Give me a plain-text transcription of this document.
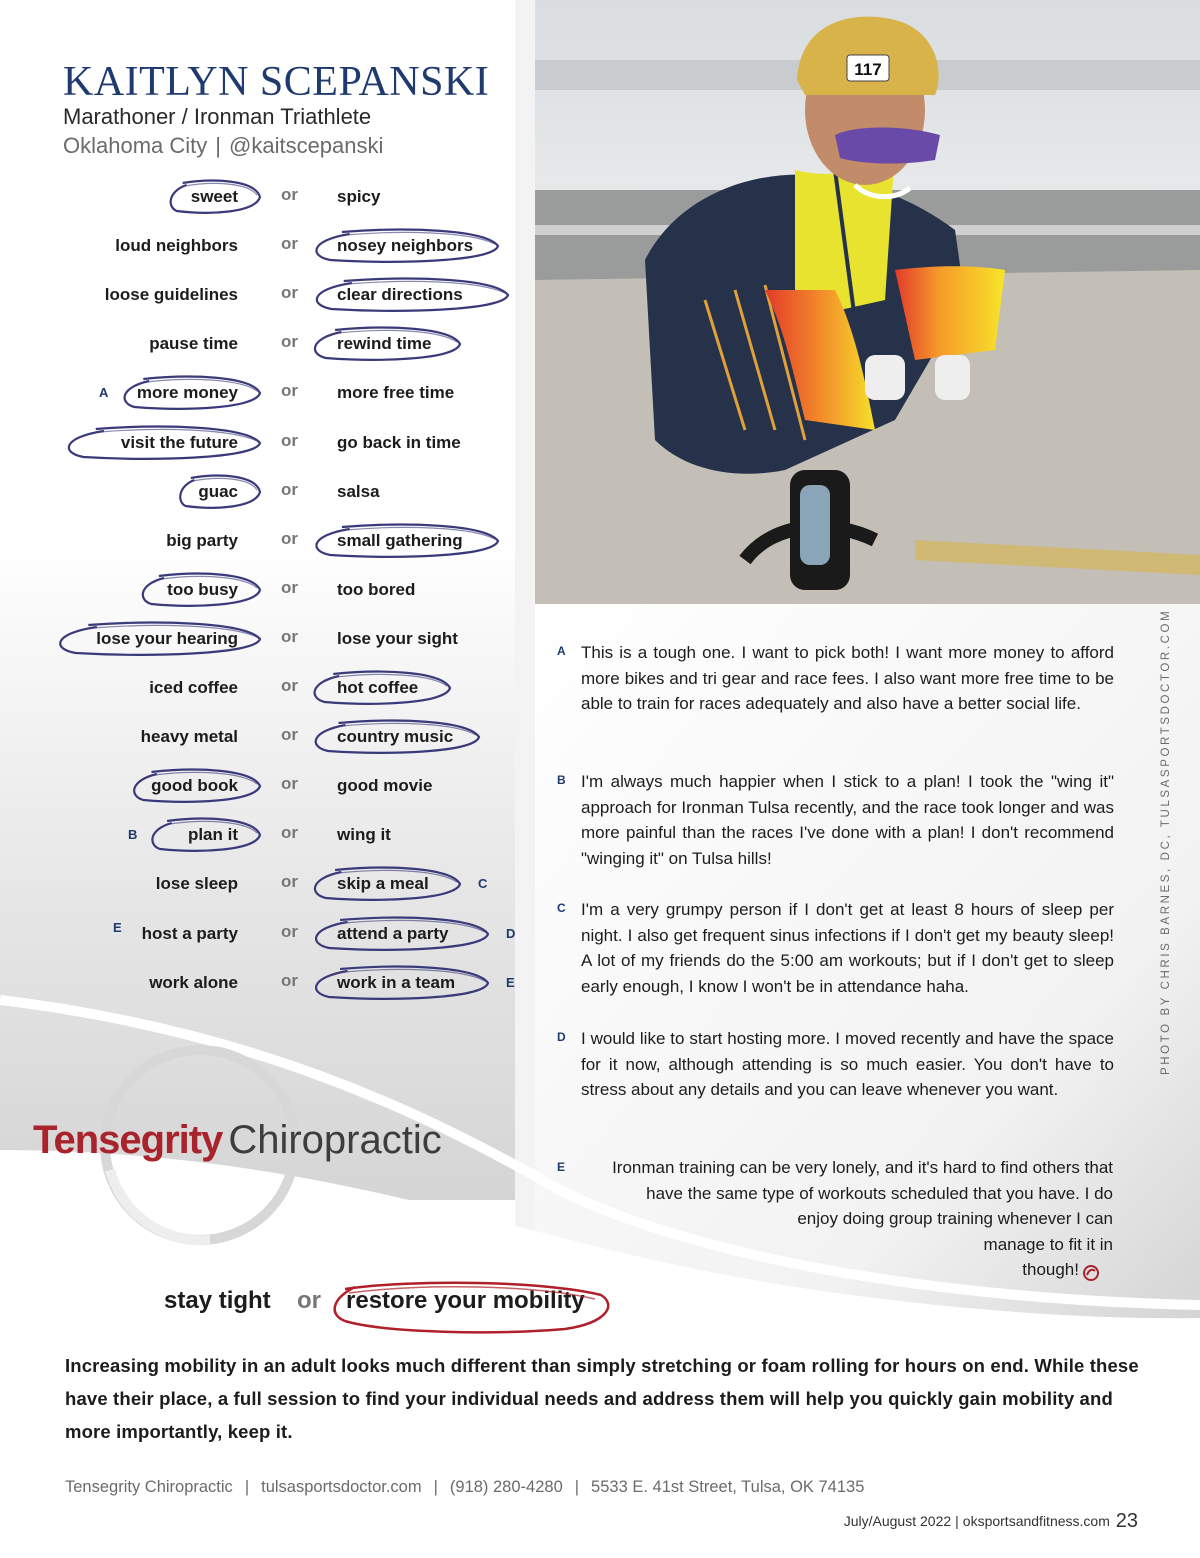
KAITLYN SCEPANSKI
Marathoner / Ironman Triathlete
Oklahoma City | @kaitscepanski
sweet	or spicy
loud neighbors	or nosey neighbors
loose guidelines	or clear directions
pause time	or rewind time
more money	or more free time
A
visit the future	or go back in time
guac	or salsa
big party	or small gathering
too busy	or too bored
lose your hearing	or lose your sight
iced coffee	or hot coffee
heavy metal	or country music
good book	or good movie
plan it	or wing it
B
lose sleep	or skip a meal	C
host a party	or attend a party
E	D
work alone	or work in a team	E
117
PHOTO BY CHRIS BARNES, DC, TULSASPORTSDOCTOR.COM
A This is a tough one. I want to pick both! I want more money to afford more bikes and tri gear and race fees. I also want more free time to be able to train for races adequately and also have a better social life.

B I'm always much happier when I stick to a plan! I took the "wing it" approach for Ironman Tulsa recently, and the race took longer and was more painful than the races I've done with a plan! I don't recommend "winging it" on Tulsa hills!

C I'm a very grumpy person if I don't get at least 8 hours of sleep per night. I also get frequent sinus infections if I don't get my beauty sleep! A lot of my friends do the 5:00 am workouts; but if I don't get to sleep early enough, I know I won't be in attendance haha.

D I would like to start hosting more. I moved recently and have the space for it now, although attending is so much easier. You don't have to stress about any details and you can leave whenever you want.

E	Ironman training can be very lonely, and it's hard to find others that
have the same type of workouts scheduled that you have. I do
enjoy doing group training whenever I can
manage to fit it in
though!
Tensegrity Chiropractic
stay tight or restore your mobility
Increasing mobility in an adult looks much different than simply stretching or foam rolling for hours on end. While these have their place, a full session to find your individual needs and address them will help you quickly gain mobility and more importantly, keep it.
Tensegrity Chiropractic | tulsasportsdoctor.com | (918) 280-4280 | 5533 E. 41st Street, Tulsa, OK 74135
July/August 2022 | oksportsandfitness.com 23
